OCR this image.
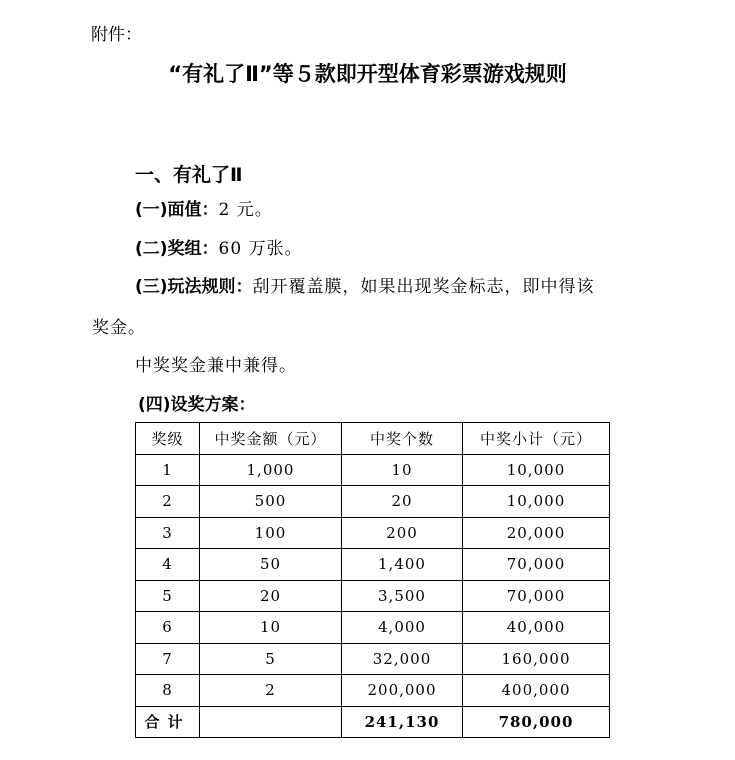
附件：
“有礼了Ⅱ”等５款即开型体育彩票游戏规则
一、有礼了Ⅱ
(一)面值：2 元。
(二)奖组：60 万张。
(三)玩法规则：刮开覆盖膜，如果出现奖金标志，即中得该
奖金。
中奖奖金兼中兼得。
(四)设奖方案：
奖级	中奖金额（元）	中奖个数	中奖小计（元）
1	1,000	10	10,000
2	500	20	10,000
3	100	200	20,000
4	50	1,400	70,000
5	20	3,500	70,000
6	10	4,000	40,000
7	5	32,000	160,000
8	2	200,000	400,000
合计		241,130	780,000
